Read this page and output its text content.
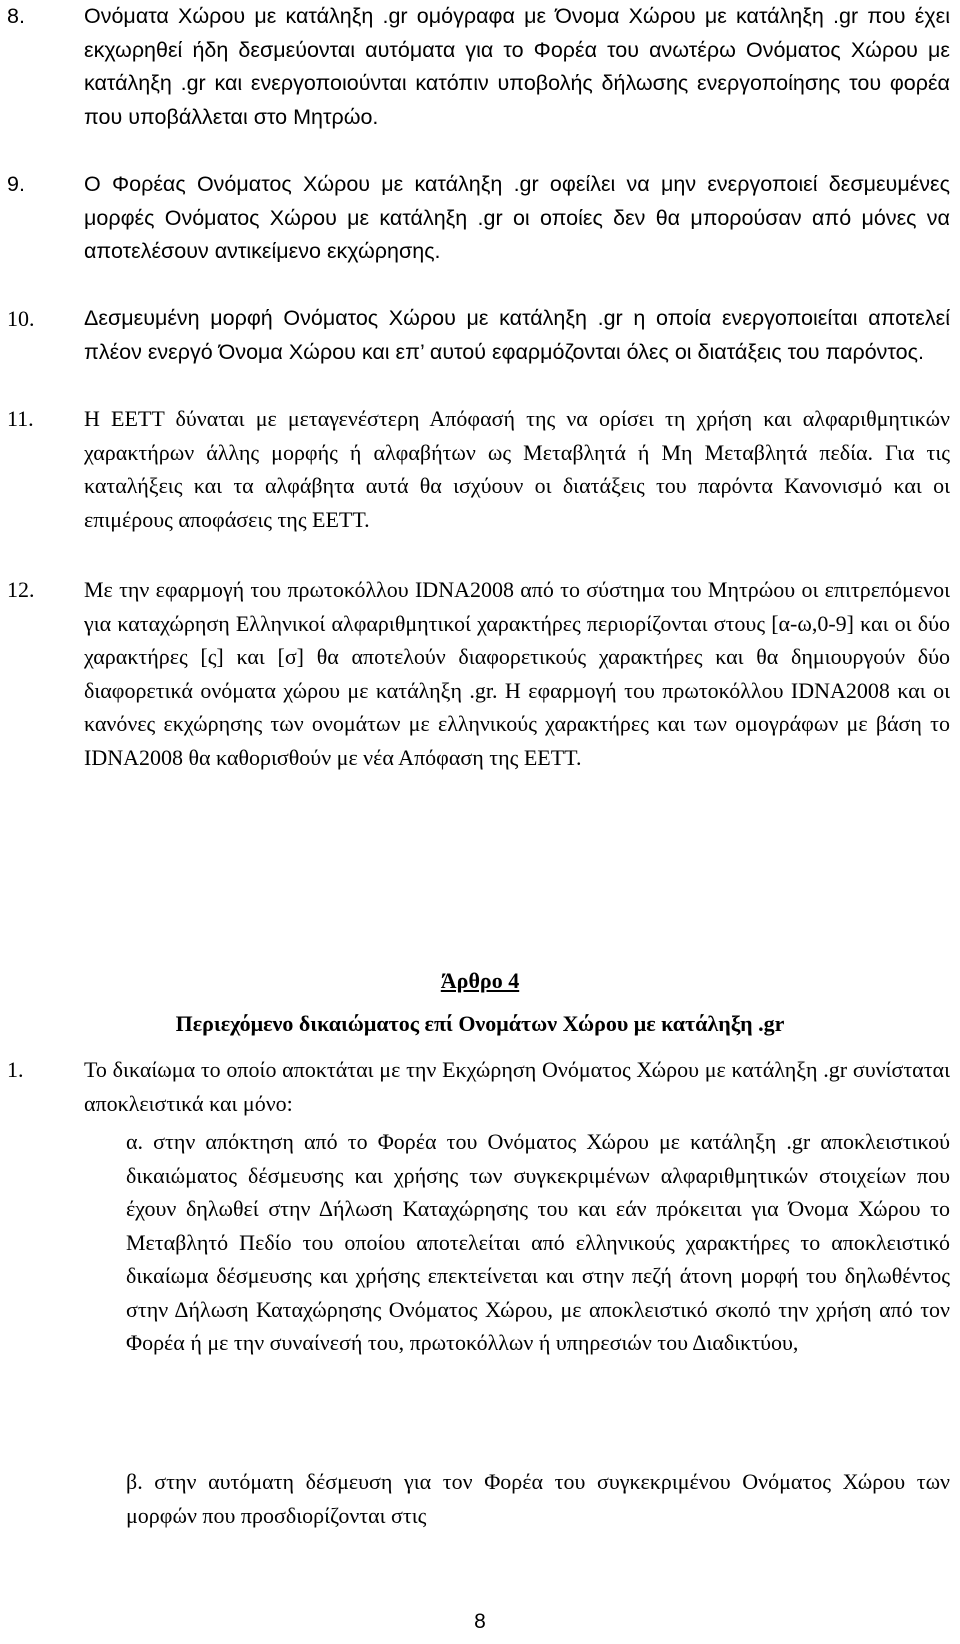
8.	Ονόματα Χώρου με κατάληξη .gr ομόγραφα με Όνομα Χώρου με κατάληξη .gr που έχει εκχωρηθεί ήδη δεσμεύονται αυτόματα για το Φορέα του ανωτέρω Ονόματος Χώρου με κατάληξη .gr και ενεργοποιούνται κατόπιν υποβολής δήλωσης ενεργοποίησης του φορέα που υποβάλλεται στο Μητρώο.
9.	Ο Φορέας Ονόματος Χώρου με κατάληξη .gr οφείλει να μην ενεργοποιεί δεσμευμένες μορφές Ονόματος Χώρου με κατάληξη .gr οι οποίες δεν θα μπορούσαν από μόνες να αποτελέσουν αντικείμενο εκχώρησης.
10. Δεσμευμένη μορφή Ονόματος Χώρου με κατάληξη .gr η οποία ενεργοποιείται αποτελεί πλέον ενεργό Όνομα Χώρου και επ’ αυτού εφαρμόζονται όλες οι διατάξεις του παρόντος.
11. Η ΕΕΤΤ δύναται με μεταγενέστερη Απόφασή της να ορίσει τη χρήση και αλφαριθμητικών χαρακτήρων άλλης μορφής ή αλφαβήτων ως Μεταβλητά ή Μη Μεταβλητά πεδία. Για τις καταλήξεις και τα αλφάβητα αυτά θα ισχύουν οι διατάξεις του παρόντα Κανονισμό και οι επιμέρους αποφάσεις της ΕΕΤΤ.
12. Με την εφαρμογή του πρωτοκόλλου IDNA2008 από το σύστημα του Μητρώου οι επιτρεπόμενοι για καταχώρηση Ελληνικοί αλφαριθμητικοί χαρακτήρες περιορίζονται στους [α-ω,0-9] και οι δύο χαρακτήρες [ς] και [σ] θα αποτελούν διαφορετικούς χαρακτήρες και θα δημιουργούν δύο διαφορετικά ονόματα χώρου με κατάληξη .gr. Η εφαρμογή του πρωτοκόλλου IDNA2008 και οι κανόνες εκχώρησης των ονομάτων με ελληνικούς χαρακτήρες και των ομογράφων με βάση το IDNA2008 θα καθορισθούν με νέα Απόφαση της ΕΕΤΤ.
Άρθρο 4
Περιεχόμενο δικαιώματος επί Ονομάτων Χώρου με κατάληξη .gr
1.	Το δικαίωμα το οποίο αποκτάται με την Εκχώρηση Ονόματος Χώρου με κατάληξη .gr συνίσταται αποκλειστικά και μόνο:
α. στην απόκτηση από το Φορέα του Ονόματος Χώρου με κατάληξη .gr αποκλειστικού δικαιώματος δέσμευσης και χρήσης των συγκεκριμένων αλφαριθμητικών στοιχείων που έχουν δηλωθεί στην Δήλωση Καταχώρησης του και εάν πρόκειται για Όνομα Χώρου το Μεταβλητό Πεδίο του οποίου αποτελείται από ελληνικούς χαρακτήρες το αποκλειστικό δικαίωμα δέσμευσης και χρήσης επεκτείνεται και στην πεζή άτονη μορφή του δηλωθέντος στην Δήλωση Καταχώρησης Ονόματος Χώρου, με αποκλειστικό σκοπό την χρήση από τον Φορέα ή με την συναίνεσή του, πρωτοκόλλων ή υπηρεσιών του Διαδικτύου,
β. στην αυτόματη δέσμευση για τον Φορέα του συγκεκριμένου Ονόματος Χώρου των μορφών που προσδιορίζονται στις
8
